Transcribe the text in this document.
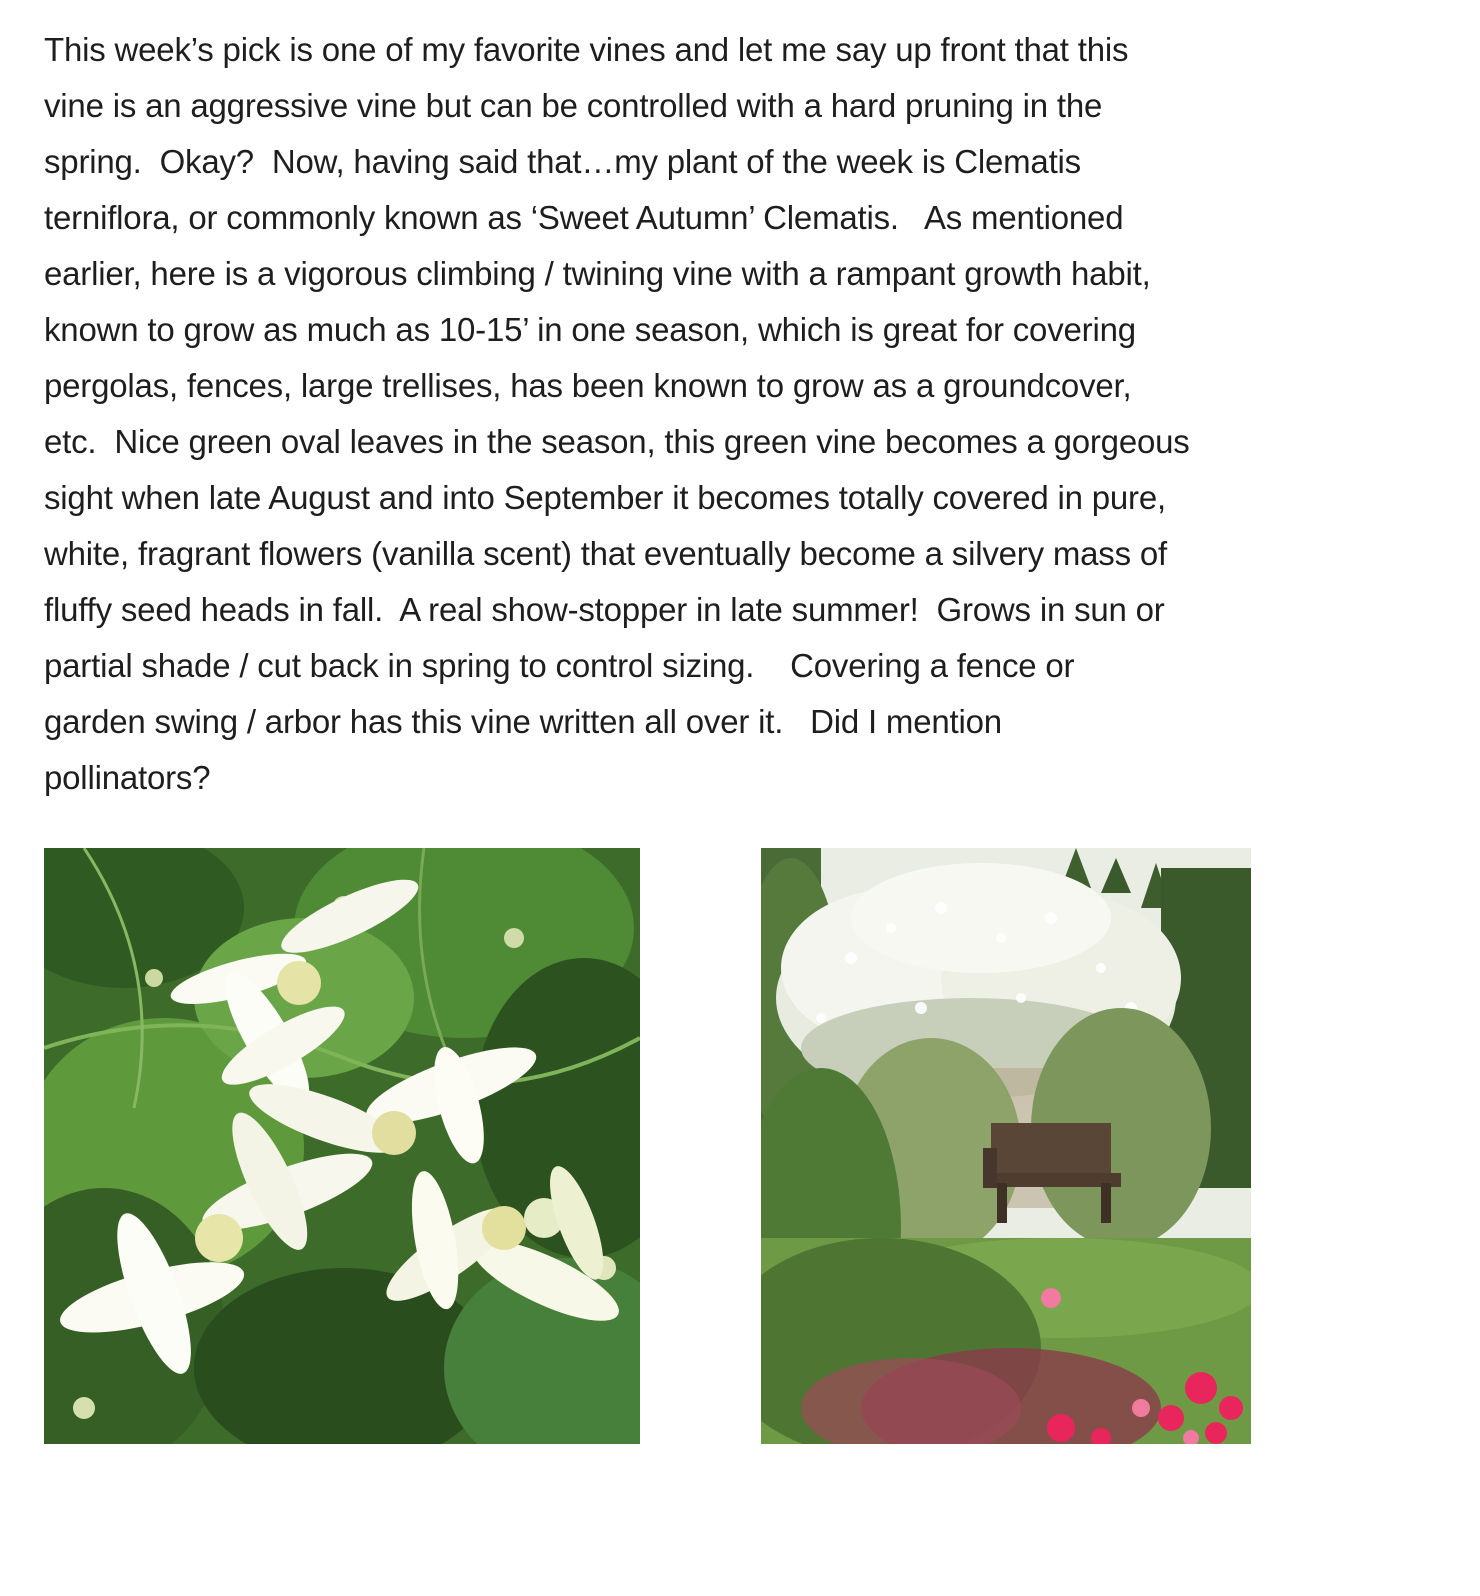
This week’s pick is one of my favorite vines and let me say up front that this
vine is an aggressive vine but can be controlled with a hard pruning in the
spring.  Okay?  Now, having said that…my plant of the week is Clematis
terniflora, or commonly known as ‘Sweet Autumn’ Clematis.   As mentioned
earlier, here is a vigorous climbing / twining vine with a rampant growth habit,
known to grow as much as 10-15’ in one season, which is great for covering
pergolas, fences, large trellises, has been known to grow as a groundcover,
etc.  Nice green oval leaves in the season, this green vine becomes a gorgeous
sight when late August and into September it becomes totally covered in pure,
white, fragrant flowers (vanilla scent) that eventually become a silvery mass of
fluffy seed heads in fall.  A real show-stopper in late summer!  Grows in sun or
partial shade / cut back in spring to control sizing.    Covering a fence or
garden swing / arbor has this vine written all over it.   Did I mention
pollinators?
